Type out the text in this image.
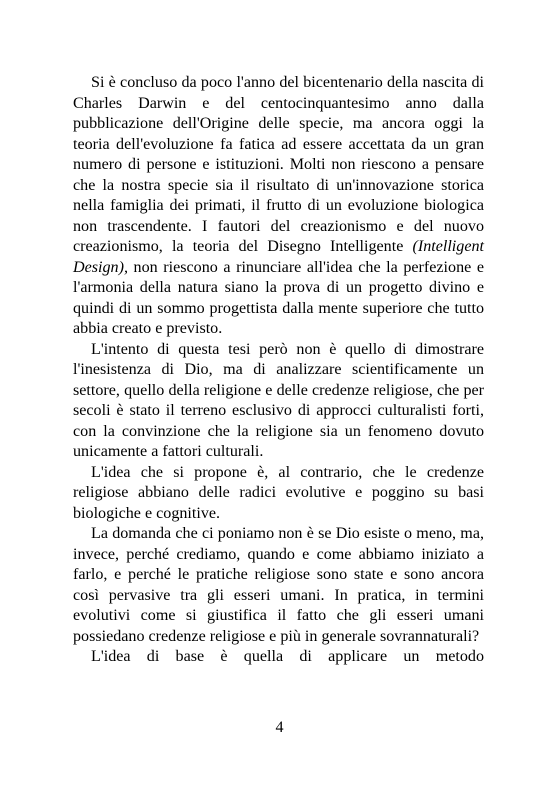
Si è concluso da poco l'anno del bicentenario della nascita di Charles Darwin e del centocinquantesimo anno dalla pubblicazione dell'Origine delle specie, ma ancora oggi la teoria dell'evoluzione fa fatica ad essere accettata da un gran numero di persone e istituzioni. Molti non riescono a pensare che la nostra specie sia il risultato di un'innovazione storica nella famiglia dei primati, il frutto di un evoluzione biologica non trascendente. I fautori del creazionismo e del nuovo creazionismo, la teoria del Disegno Intelligente (Intelligent Design), non riescono a rinunciare all'idea che la perfezione e l'armonia della natura siano la prova di un progetto divino e quindi di un sommo progettista dalla mente superiore che tutto abbia creato e previsto.

L'intento di questa tesi però non è quello di dimostrare l'inesistenza di Dio, ma di analizzare scientificamente un settore, quello della religione e delle credenze religiose, che per secoli è stato il terreno esclusivo di approcci culturalisti forti, con la convinzione che la religione sia un fenomeno dovuto unicamente a fattori culturali.

L'idea che si propone è, al contrario, che le credenze religiose abbiano delle radici evolutive e poggino su basi biologiche e cognitive.

La domanda che ci poniamo non è se Dio esiste o meno, ma, invece, perché crediamo, quando e come abbiamo iniziato a farlo, e perché le pratiche religiose sono state e sono ancora così pervasive tra gli esseri umani. In pratica, in termini evolutivi come si giustifica il fatto che gli esseri umani possiedano credenze religiose e più in generale sovrannaturali?

L'idea di base è quella di applicare un metodo

4
